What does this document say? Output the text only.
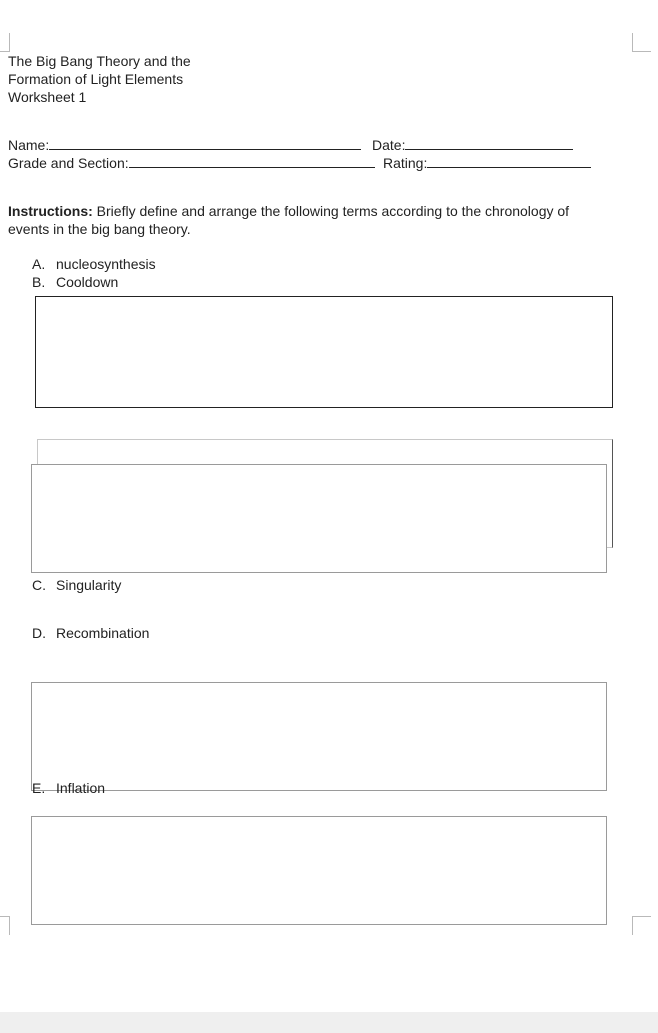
The Big Bang Theory and the
Formation of Light Elements
Worksheet 1
Name:	Date:
Grade and Section:	Rating:
Instructions: Briefly define and arrange the following terms according to the chronology of
events in the big bang theory.
A. nucleosynthesis
B. Cooldown
C. Singularity
D. Recombination
E. Inflation
